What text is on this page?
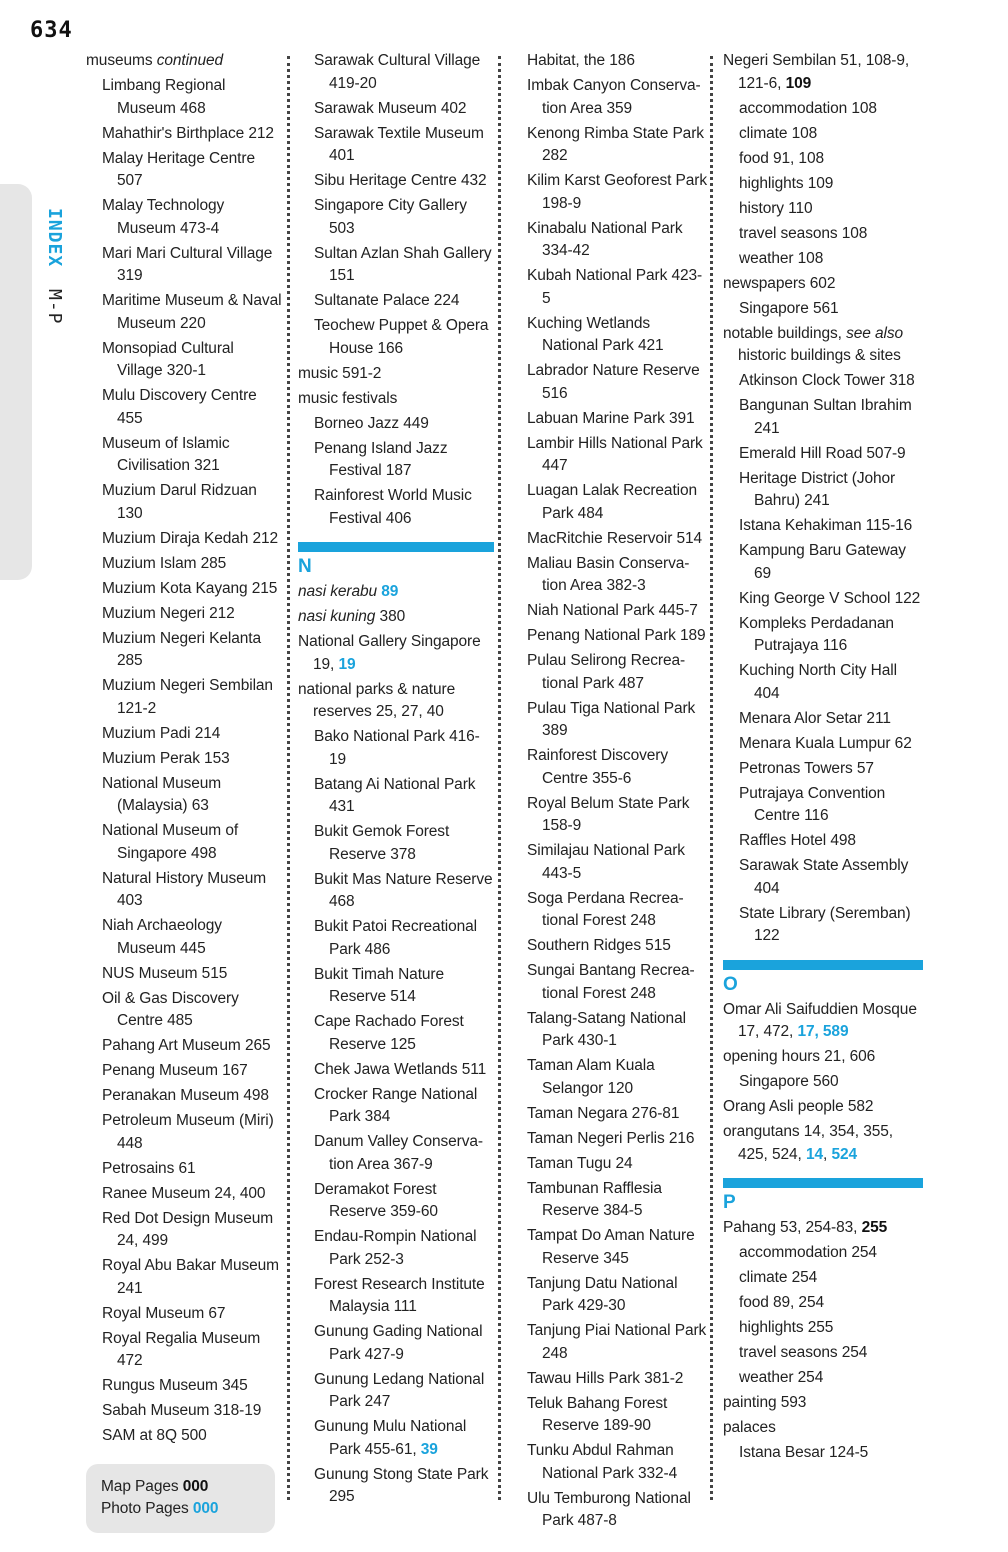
634
INDEX M-P
museums continued
Limbang Regional Museum 468
Mahathir's Birthplace 212
Malay Heritage Centre 507
Malay Technology Museum 473-4
Mari Mari Cultural Village 319
Maritime Museum & Naval Museum 220
Monsopiad Cultural Village 320-1
Mulu Discovery Centre 455
Museum of Islamic Civilisation 321
Muzium Darul Ridzuan 130
Muzium Diraja Kedah 212
Muzium Islam 285
Muzium Kota Kayang 215
Muzium Negeri 212
Muzium Negeri Kelanta 285
Muzium Negeri Sembilan 121-2
Muzium Padi 214
Muzium Perak 153
National Museum (Malaysia) 63
National Museum of Singapore 498
Natural History Museum 403
Niah Archaeology Museum 445
NUS Museum 515
Oil & Gas Discovery Centre 485
Pahang Art Museum 265
Penang Museum 167
Peranakan Museum 498
Petroleum Museum (Miri) 448
Petrosains 61
Ranee Museum 24, 400
Red Dot Design Museum 24, 499
Royal Abu Bakar Museum 241
Royal Museum 67
Royal Regalia Museum 472
Rungus Museum 345
Sabah Museum 318-19
SAM at 8Q 500
Map Pages 000
Photo Pages 000
Sarawak Cultural Village 419-20
Sarawak Museum 402
Sarawak Textile Museum 401
Sibu Heritage Centre 432
Singapore City Gallery 503
Sultan Azlan Shah Gallery 151
Sultanate Palace 224
Teochew Puppet & Opera House 166
music 591-2
music festivals
Borneo Jazz 449
Penang Island Jazz Festival 187
Rainforest World Music Festival 406
N
nasi kerabu 89
nasi kuning 380
National Gallery Singapore 19, 19
national parks & nature reserves 25, 27, 40
Bako National Park 416-19
Batang Ai National Park 431
Bukit Gemok Forest Reserve 378
Bukit Mas Nature Reserve 468
Bukit Patoi Recreational Park 486
Bukit Timah Nature Reserve 514
Cape Rachado Forest Reserve 125
Chek Jawa Wetlands 511
Crocker Range National Park 384
Danum Valley Conserva-tion Area 367-9
Deramakot Forest Reserve 359-60
Endau-Rompin National Park 252-3
Forest Research Institute Malaysia 111
Gunung Gading National Park 427-9
Gunung Ledang National Park 247
Gunung Mulu National Park 455-61, 39
Gunung Stong State Park 295
Habitat, the 186
Imbak Canyon Conserva-tion Area 359
Kenong Rimba State Park 282
Kilim Karst Geoforest Park 198-9
Kinabalu National Park 334-42
Kubah National Park 423-5
Kuching Wetlands National Park 421
Labrador Nature Reserve 516
Labuan Marine Park 391
Lambir Hills National Park 447
Luagan Lalak Recreation Park 484
MacRitchie Reservoir 514
Maliau Basin Conserva-tion Area 382-3
Niah National Park 445-7
Penang National Park 189
Pulau Selirong Recrea-tional Park 487
Pulau Tiga National Park 389
Rainforest Discovery Centre 355-6
Royal Belum State Park 158-9
Similajau National Park 443-5
Soga Perdana Recrea-tional Forest 248
Southern Ridges 515
Sungai Bantang Recrea-tional Forest 248
Talang-Satang National Park 430-1
Taman Alam Kuala Selangor 120
Taman Negara 276-81
Taman Negeri Perlis 216
Taman Tugu 24
Tambunan Rafflesia Reserve 384-5
Tampat Do Aman Nature Reserve 345
Tanjung Datu National Park 429-30
Tanjung Piai National Park 248
Tawau Hills Park 381-2
Teluk Bahang Forest Reserve 189-90
Tunku Abdul Rahman National Park 332-4
Ulu Temburong National Park 487-8
Negeri Sembilan 51, 108-9, 121-6, 109
accommodation 108
climate 108
food 91, 108
highlights 109
history 110
travel seasons 108
weather 108
newspapers 602
Singapore 561
notable buildings, see also historic buildings & sites
Atkinson Clock Tower 318
Bangunan Sultan Ibrahim 241
Emerald Hill Road 507-9
Heritage District (Johor Bahru) 241
Istana Kehakiman 115-16
Kampung Baru Gateway 69
King George V School 122
Kompleks Perdadanan Putrajaya 116
Kuching North City Hall 404
Menara Alor Setar 211
Menara Kuala Lumpur 62
Petronas Towers 57
Putrajaya Convention Centre 116
Raffles Hotel 498
Sarawak State Assembly 404
State Library (Seremban) 122
O
Omar Ali Saifuddien Mosque 17, 472, 17, 589
opening hours 21, 606
Singapore 560
Orang Asli people 582
orangutans 14, 354, 355, 425, 524, 14, 524
P
Pahang 53, 254-83, 255
accommodation 254
climate 254
food 89, 254
highlights 255
travel seasons 254
weather 254
painting 593
palaces
Istana Besar 124-5
